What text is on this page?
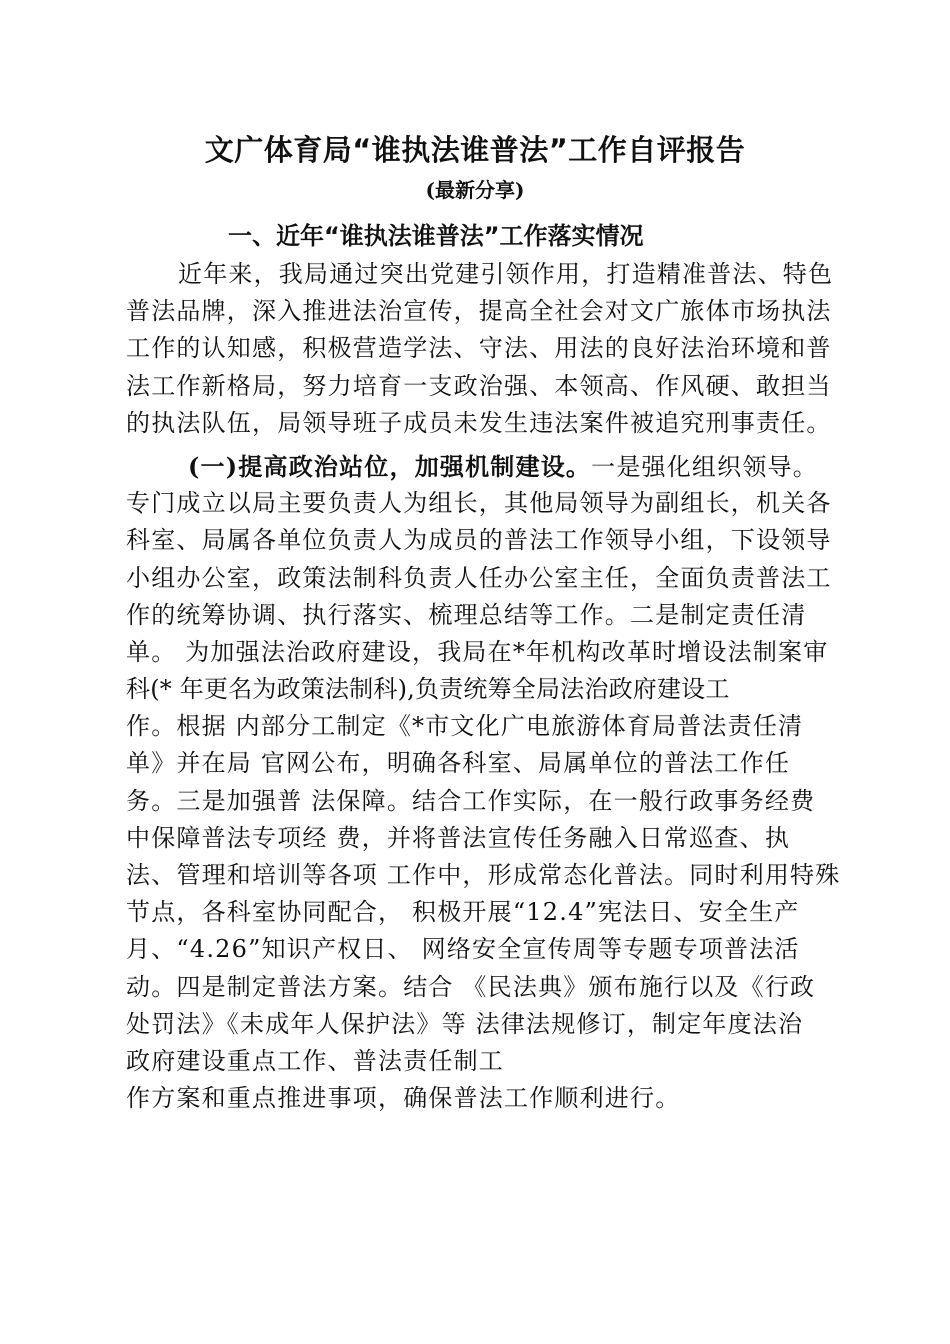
文广体育局“谁执法谁普法”工作自评报告

(最新分享)

一、近年“谁执法谁普法”工作落实情况
近年来，我局通过突出党建引领作用，打造精准普法、特色
普法品牌，深入推进法治宣传，提高全社会对文广旅体市场执法
工作的认知感，积极营造学法、守法、用法的良好法治环境和普
法工作新格局，努力培育一支政治强、本领高、作风硬、敢担当
的执法队伍，局领导班子成员未发生违法案件被追究刑事责任。
(一)提高政治站位，加强机制建设。一是强化组织领导。
专门成立以局主要负责人为组长，其他局领导为副组长，机关各
科室、局属各单位负责人为成员的普法工作领导小组，下设领导
小组办公室，政策法制科负责人任办公室主任，全面负责普法工
作的统筹协调、执行落实、梳理总结等工作。二是制定责任清
单。 为加强法治政府建设，我局在*年机构改革时增设法制案审
科(* 年更名为政策法制科),负责统筹全局法治政府建设工
作。根据 内部分工制定《*市文化广电旅游体育局普法责任清
单》并在局 官网公布，明确各科室、局属单位的普法工作任
务。三是加强普 法保障。结合工作实际，在一般行政事务经费
中保障普法专项经 费，并将普法宣传任务融入日常巡查、执
法、管理和培训等各项 工作中，形成常态化普法。同时利用特殊
节点，各科室协同配合， 积极开展“12.4”宪法日、安全生产
月、“4.26”知识产权日、 网络安全宣传周等专题专项普法活
动。四是制定普法方案。结合 《民法典》颁布施行以及《行政
处罚法》《未成年人保护法》等 法律法规修订，制定年度法治
政府建设重点工作、普法责任制工
作方案和重点推进事项，确保普法工作顺利进行。
